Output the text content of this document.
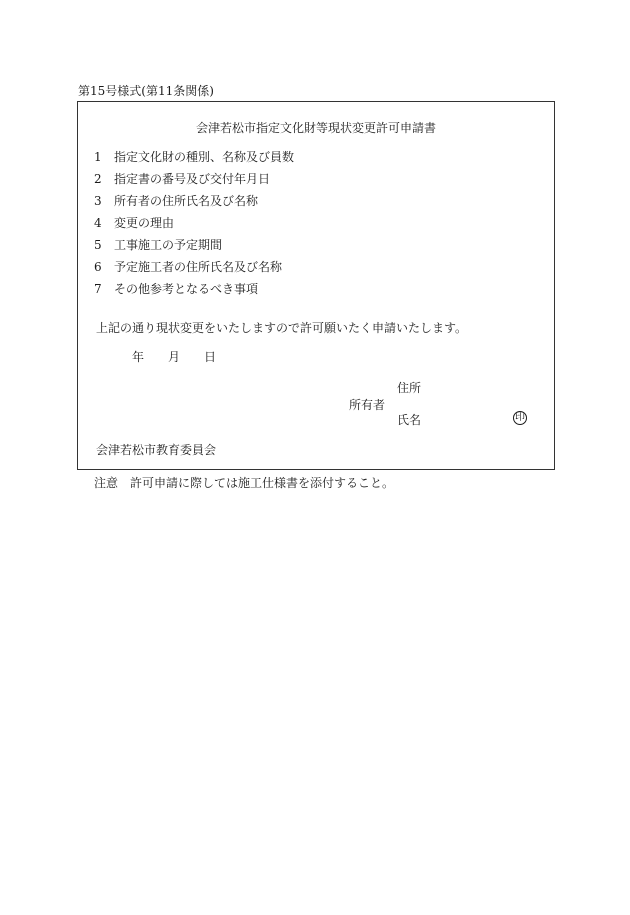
第15号様式(第11条関係)
会津若松市指定文化財等現状変更許可申請書
1 指定文化財の種別、名称及び員数
2 指定書の番号及び交付年月日
3 所有者の住所氏名及び名称
4 変更の理由
5 工事施工の予定期間
6 予定施工者の住所氏名及び名称
7 その他参考となるべき事項
上記の通り現状変更をいたしますので許可願いたく申請いたします。
年 月 日
住所
所有者
氏名	印
会津若松市教育委員会
注意 許可申請に際しては施工仕様書を添付すること。
